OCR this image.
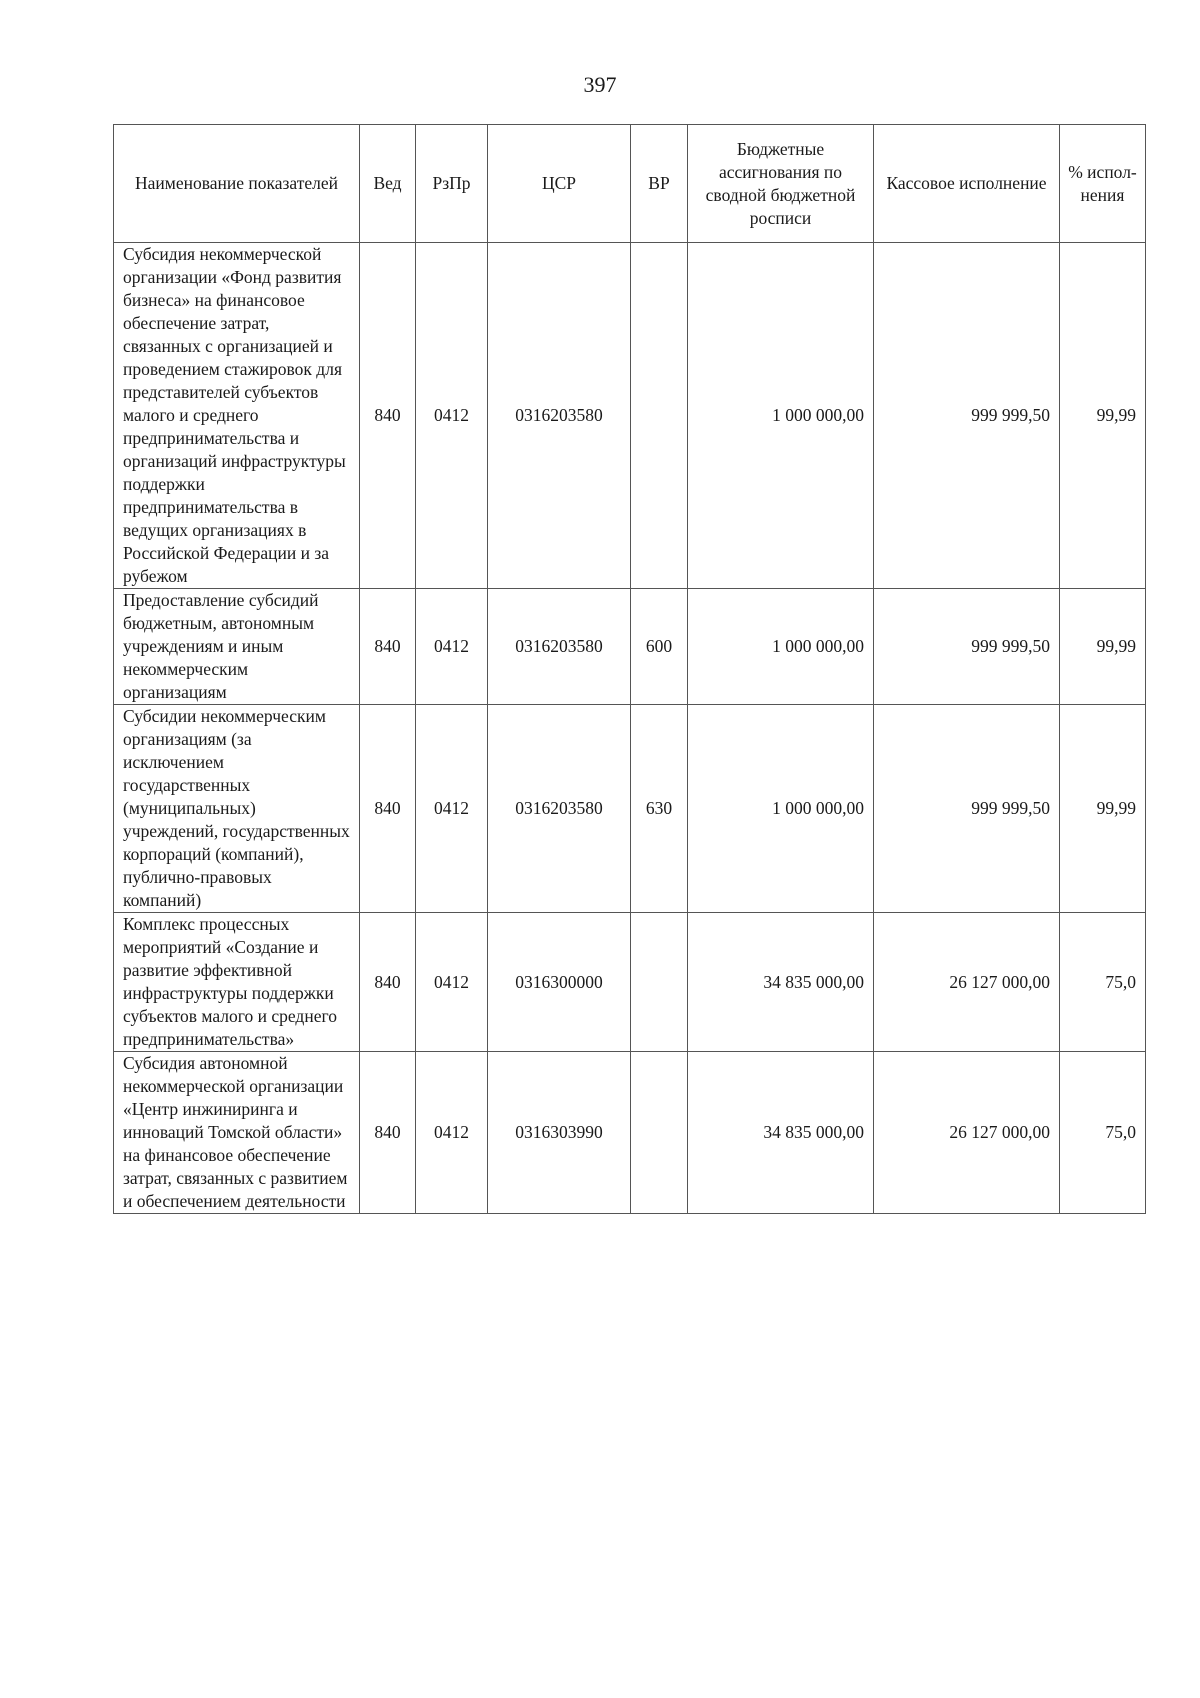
397
Наименование показателей	Вед	РзПр	ЦСР	ВР	Бюджетные ассигнования по сводной бюджетной росписи	Кассовое исполнение	% испол-нения
Субсидия некоммерческой организации «Фонд развития бизнеса» на финансовое обеспечение затрат, связанных с организацией и проведением стажировок для представителей субъектов малого и среднего предпринимательства и организаций инфраструктуры поддержки предпринимательства в ведущих организациях в Российской Федерации и за рубежом	840	0412	0316203580		1 000 000,00	999 999,50	99,99
Предоставление субсидий бюджетным, автономным учреждениям и иным некоммерческим организациям	840	0412	0316203580	600	1 000 000,00	999 999,50	99,99
Субсидии некоммерческим организациям (за исключением государственных (муниципальных) учреждений, государственных корпораций (компаний), публично-правовых компаний)	840	0412	0316203580	630	1 000 000,00	999 999,50	99,99
Комплекс процессных мероприятий «Создание и развитие эффективной инфраструктуры поддержки субъектов малого и среднего предпринимательства»	840	0412	0316300000		34 835 000,00	26 127 000,00	75,0
Субсидия автономной некоммерческой организации «Центр инжиниринга и инноваций Томской области» на финансовое обеспечение затрат, связанных с развитием и обеспечением деятельности	840	0412	0316303990		34 835 000,00	26 127 000,00	75,0
